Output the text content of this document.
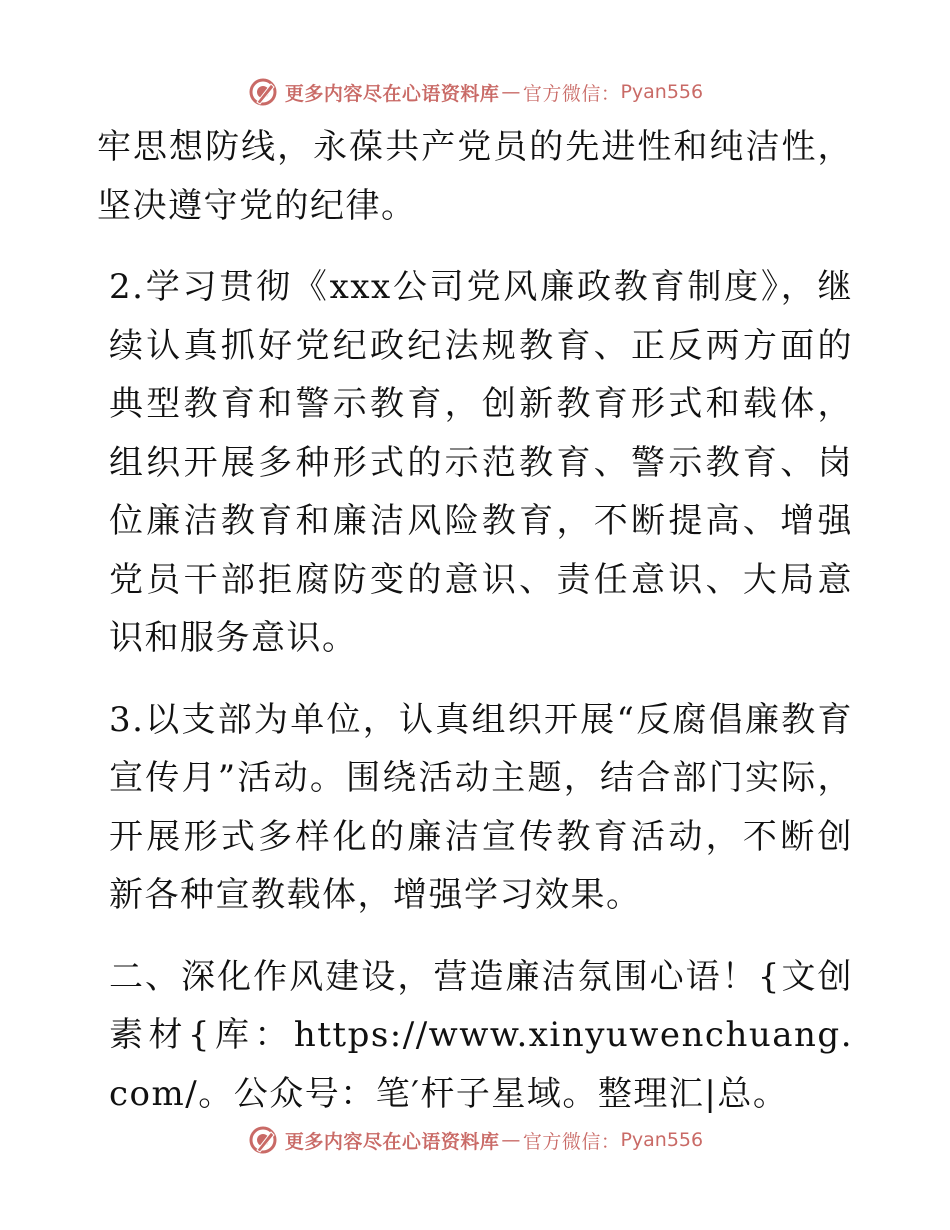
更多内容尽在心语资料库 — 官方微信： Pyan556

牢思想防线，永葆共产党员的先进性和纯洁性，坚决遵守党的纪律。

2.学习贯彻《xxx公司党风廉政教育制度》，继续认真抓好党纪政纪法规教育、正反两方面的典型教育和警示教育，创新教育形式和载体，组织开展多种形式的示范教育、警示教育、岗位廉洁教育和廉洁风险教育，不断提高、增强党员干部拒腐防变的意识、责任意识、大局意识和服务意识。

3.以支部为单位，认真组织开展“反腐倡廉教育宣传月”活动。围绕活动主题，结合部门实际，开展形式多样化的廉洁宣传教育活动，不断创新各种宣教载体，增强学习效果。

二、深化作风建设，营造廉洁氛围心语！{文创素材{库：https://www.xinyuwenchuang.com/。公众号：笔′杆子星域。整理汇|总。

更多内容尽在心语资料库 — 官方微信： Pyan556
